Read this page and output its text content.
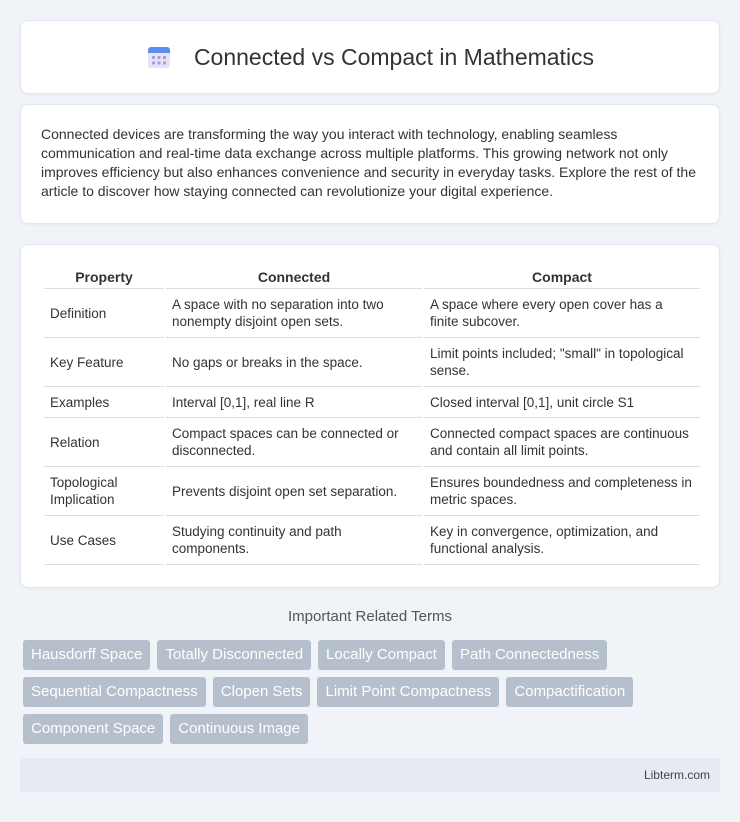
Connected vs Compact in Mathematics

Connected devices are transforming the way you interact with technology, enabling seamless communication and real-time data exchange across multiple platforms. This growing network not only improves efficiency but also enhances convenience and security in everyday tasks. Explore the rest of the article to discover how staying connected can revolutionize your digital experience.

Property	Connected	Compact
Definition	A space with no separation into two nonempty disjoint open sets.	A space where every open cover has a finite subcover.
Key Feature	No gaps or breaks in the space.	Limit points included; "small" in topological sense.
Examples	Interval [0,1], real line R	Closed interval [0,1], unit circle S1
Relation	Compact spaces can be connected or disconnected.	Connected compact spaces are continuous and contain all limit points.
Topological Implication	Prevents disjoint open set separation.	Ensures boundedness and completeness in metric spaces.
Use Cases	Studying continuity and path components.	Key in convergence, optimization, and functional analysis.
Important Related Terms
Hausdorff Space	Totally Disconnected	Locally Compact	Path Connectedness
Sequential Compactness	Clopen Sets	Limit Point Compactness	Compactification
Component Space	Continuous Image
Libterm.com
